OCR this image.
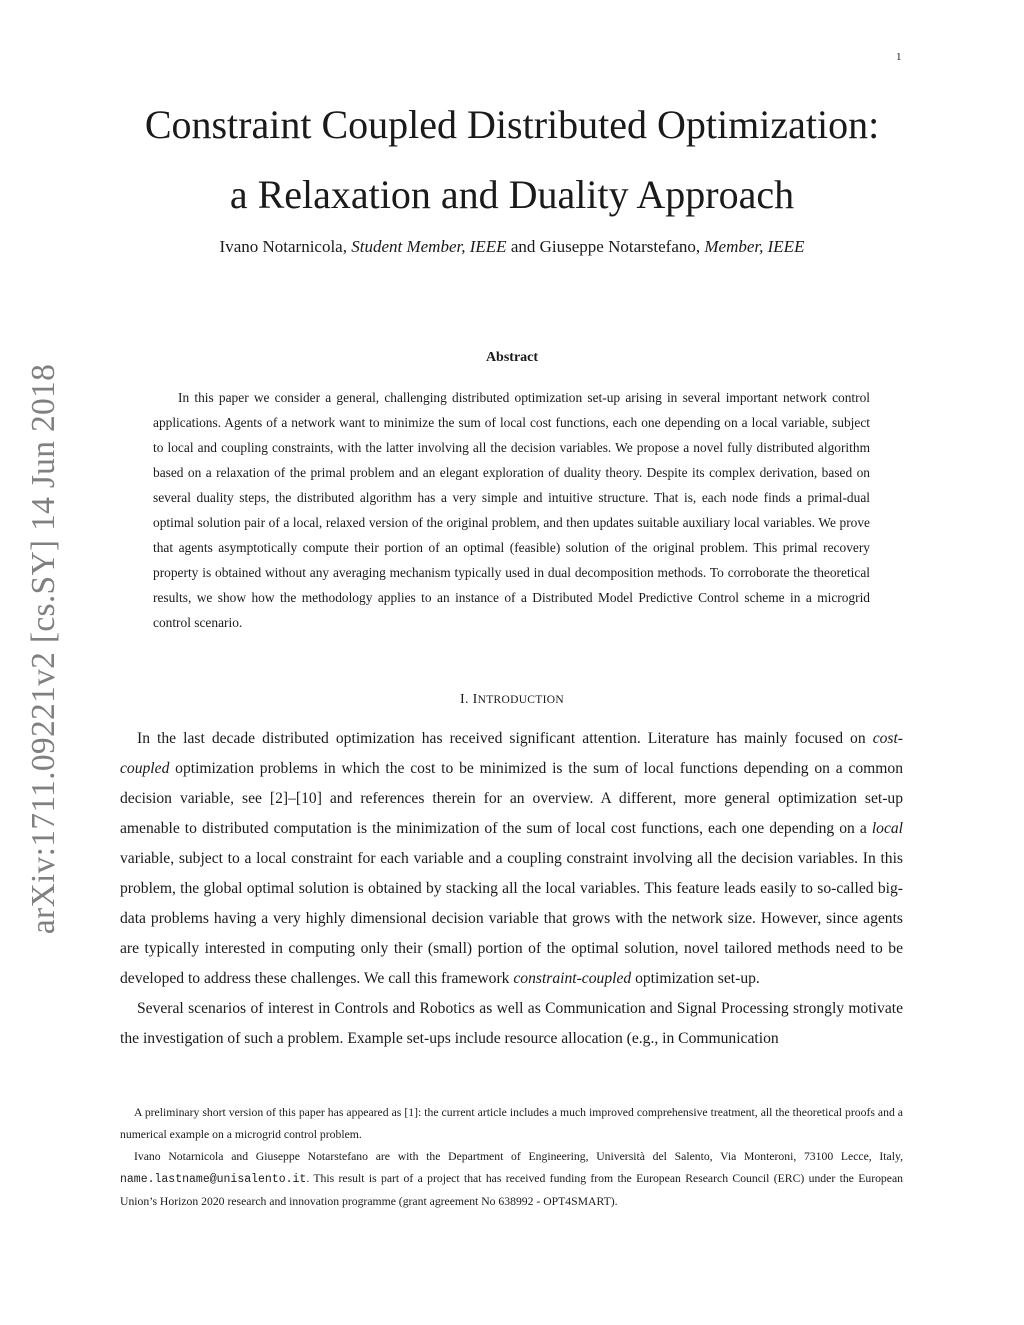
1
arXiv:1711.09221v2 [cs.SY] 14 Jun 2018
Constraint Coupled Distributed Optimization:
a Relaxation and Duality Approach
Ivano Notarnicola, Student Member, IEEE and Giuseppe Notarstefano, Member, IEEE
Abstract

In this paper we consider a general, challenging distributed optimization set-up arising in several important network control applications. Agents of a network want to minimize the sum of local cost functions, each one depending on a local variable, subject to local and coupling constraints, with the latter involving all the decision variables. We propose a novel fully distributed algorithm based on a relaxation of the primal problem and an elegant exploration of duality theory. Despite its complex derivation, based on several duality steps, the distributed algorithm has a very simple and intuitive structure. That is, each node finds a primal-dual optimal solution pair of a local, relaxed version of the original problem, and then updates suitable auxiliary local variables. We prove that agents asymptotically compute their portion of an optimal (feasible) solution of the original problem. This primal recovery property is obtained without any averaging mechanism typically used in dual decomposition methods. To corroborate the theoretical results, we show how the methodology applies to an instance of a Distributed Model Predictive Control scheme in a microgrid control scenario.

I. INTRODUCTION

In the last decade distributed optimization has received significant attention. Literature has mainly focused on cost-coupled optimization problems in which the cost to be minimized is the sum of local functions depending on a common decision variable, see [2]–[10] and references therein for an overview. A different, more general optimization set-up amenable to distributed computation is the minimization of the sum of local cost functions, each one depending on a local variable, subject to a local constraint for each variable and a coupling constraint involving all the decision variables. In this problem, the global optimal solution is obtained by stacking all the local variables. This feature leads easily to so-called big-data problems having a very highly dimensional decision variable that grows with the network size. However, since agents are typically interested in computing only their (small) portion of the optimal solution, novel tailored methods need to be developed to address these challenges. We call this framework constraint-coupled optimization set-up.

Several scenarios of interest in Controls and Robotics as well as Communication and Signal Processing strongly motivate the investigation of such a problem. Example set-ups include resource allocation (e.g., in Communication

A preliminary short version of this paper has appeared as [1]: the current article includes a much improved comprehensive treatment, all the theoretical proofs and a numerical example on a microgrid control problem.

Ivano Notarnicola and Giuseppe Notarstefano are with the Department of Engineering, Università del Salento, Via Monteroni, 73100 Lecce, Italy, name.lastname@unisalento.it. This result is part of a project that has received funding from the European Research Council (ERC) under the European Union’s Horizon 2020 research and innovation programme (grant agreement No 638992 - OPT4SMART).
